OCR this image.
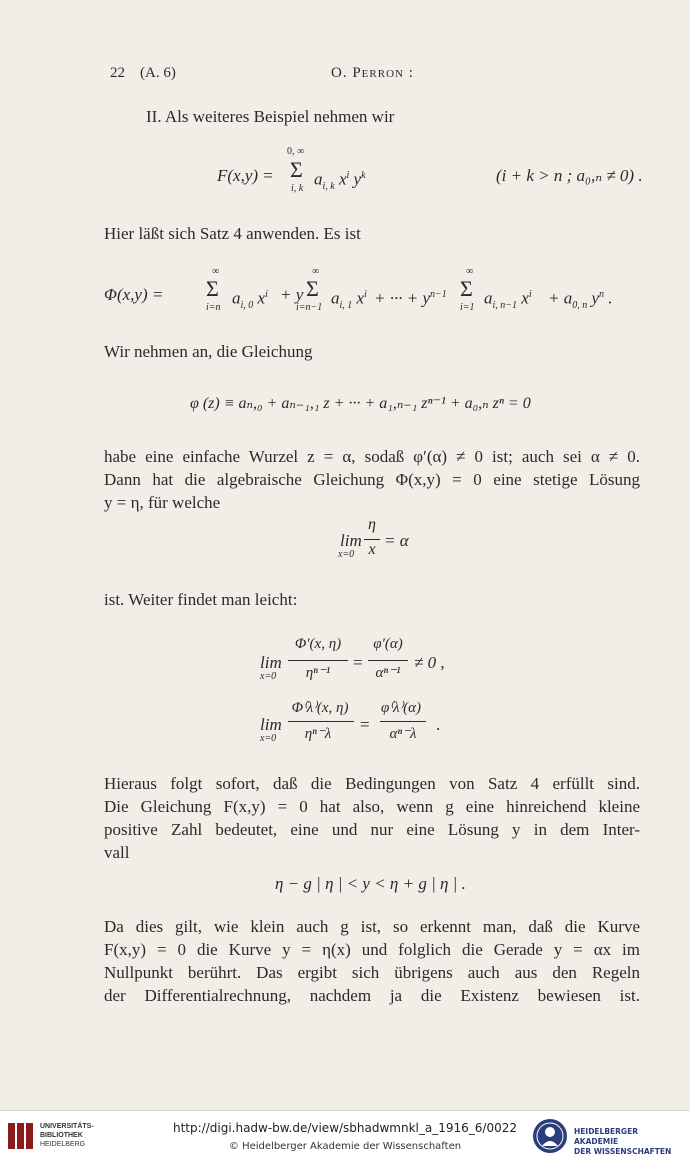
22 (A. 6)	O. Perron :
II. Als weiteres Beispiel nehmen wir
F(x,y) =
0, ∞
Σ
i, k $a_{i, k}$ $x^i$ $y^k$	(i + k > n ; a₀,ₙ ≠ 0) .
Hier läßt sich Satz 4 anwenden. Es ist
Φ(x,y) =
∞
Σ
i=n $a_{i, 0}$ $x^i + y$
∞
Σ
i=n−1 $a_{i, 1}$ $x^i$ + ··· + $y^{n-1}$
∞
Σ
i=1 $a_{i, n-1}$ $x^i + a_{0, n}$ $y^n$ .
Wir nehmen an, die Gleichung
φ (z) ≡ aₙ,₀ + aₙ₋₁,₁ z + ··· + a₁,ₙ₋₁ zⁿ⁻¹ + a₀,ₙ zⁿ = 0
habe eine einfache Wurzel z = α, sodaß φ′(α) ≠ 0 ist; auch sei α ≠ 0.
Dann hat die algebraische Gleichung Φ(x,y) = 0 eine stetige Lösung
y = η, für welche
lim
x=0
η
x = α
ist. Weiter findet man leicht:
lim
x=0
Φ′(x, η)
ηⁿ⁻¹
=
φ′(α)
αⁿ⁻¹
≠ 0 ,
lim
x=0
Φ⁽λ⁾(x, η)
ηⁿ⁻λ	=
φ⁽λ⁾(α)
αⁿ⁻λ	.
Hieraus folgt sofort, daß die Bedingungen von Satz 4 erfüllt sind.
Die Gleichung F(x,y) = 0 hat also, wenn g eine hinreichend kleine
positive Zahl bedeutet, eine und nur eine Lösung y in dem Inter-
vall
η − g | η | < y < η + g | η | .
Da dies gilt, wie klein auch g ist, so erkennt man, daß die Kurve
F(x,y) = 0 die Kurve y = η(x) und folglich die Gerade y = αx im
Nullpunkt berührt. Das ergibt sich übrigens auch aus den Regeln
der Differentialrechnung, nachdem ja die Existenz bewiesen ist.
UNIVERSITÄTS-
BIBLIOTHEK
HEIDELBERG
http://digi.hadw-bw.de/view/sbhadwmnkl_a_1916_6/0022
© Heidelberger Akademie der Wissenschaften
HEIDELBERGER AKADEMIE
DER WISSENSCHAFTEN
